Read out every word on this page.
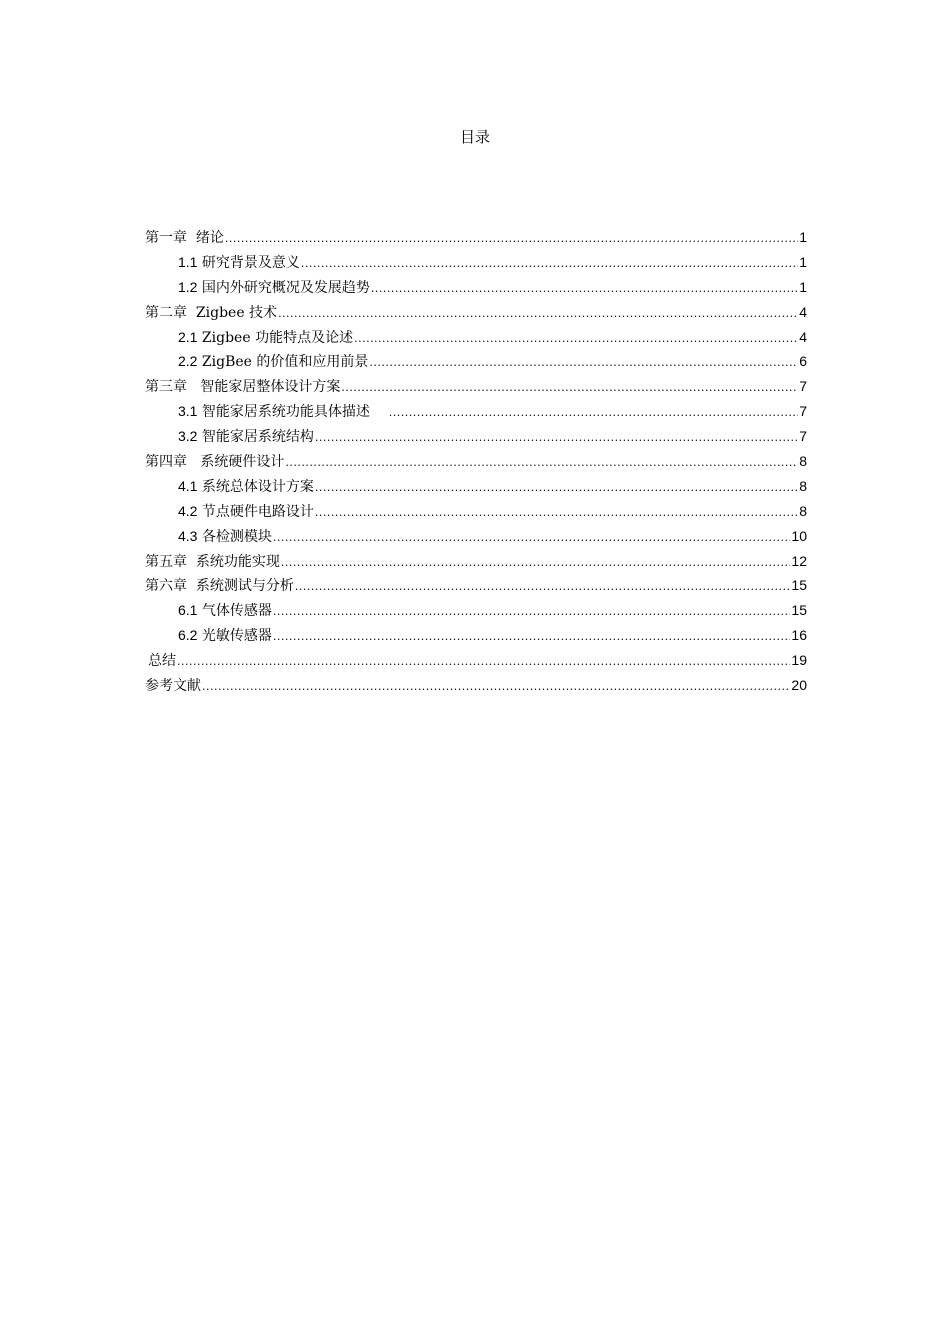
目录
第一章  绪论 .....	1
1.1 研究背景及意义 .....	1
1.2 国内外研究概况及发展趋势 .....	1
第二章  Zigbee 技术 .....	4
2.1 Zigbee 功能特点及论述 .....	4
2.2 ZigBee 的价值和应用前景 .....	6
第三章   智能家居整体设计方案 .....	7
3.1 智能家居系统功能具体描述 .....	7
3.2 智能家居系统结构 .....	7
第四章   系统硬件设计 .....	8
4.1 系统总体设计方案 .....	8
4.2 节点硬件电路设计 .....	8
4.3 各检测模块 .....	10
第五章  系统功能实现 .....	12
第六章  系统测试与分析 .....	15
6.1 气体传感器 .....	15
6.2 光敏传感器 .....	16
总结 .....	19
参考文献 .....	20
